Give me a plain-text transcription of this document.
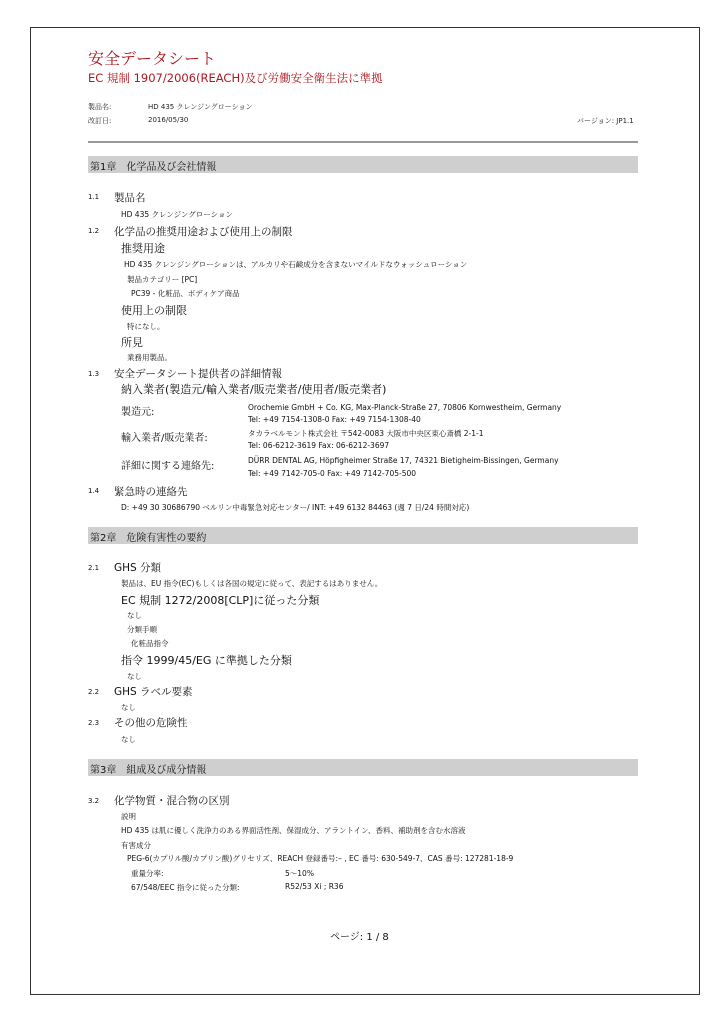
安全データシート
EC 規制 1907/2006(REACH)及び労働安全衛生法に準拠
製品名:	HD 435 クレンジングローション
改訂日:	2016/05/30	バージョン: JP1.1
第1章　化学品及び会社情報
1.1 製品名
HD 435 クレンジングローション
1.2 化学品の推奨用途および使用上の制限
推奨用途
HD 435 クレンジングローションは、アルカリや石鹸成分を含まないマイルドなウォッシュローション
製品カテゴリー [PC]
PC39 - 化粧品、ボディケア商品
使用上の制限
特になし。
所見
業務用製品。
1.3 安全データシート提供者の詳細情報
納入業者(製造元/輸入業者/販売業者/使用者/販売業者)
製造元:	Orochemie GmbH + Co. KG, Max-Planck-Straße 27, 70806 Kornwestheim, Germany
Tel: +49 7154-1308-0 Fax: +49 7154-1308-40
輸入業者/販売業者:	タカラベルモント株式会社 〒542-0083 大阪市中央区東心斎橋 2-1-1
Tel: 06-6212-3619 Fax: 06-6212-3697
詳細に関する連絡先:
DÜRR DENTAL AG, Höpfigheimer Straße 17, 74321 Bietigheim-Bissingen, Germany
Tel: +49 7142-705-0 Fax: +49 7142-705-500
1.4 緊急時の連絡先
D: +49 30 30686790 ベルリン中毒緊急対応センター/ INT: +49 6132 84463 (週 7 日/24 時間対応)
第2章　危険有害性の要約
2.1 GHS 分類
製品は、EU 指令(EC)もしくは各国の規定に従って、表記するはありません。
EC 規制 1272/2008[CLP]に従った分類
なし
分類手順
化粧品指令
指令 1999/45/EG に準拠した分類
なし
2.2 GHS ラベル要素
なし
2.3 その他の危険性
なし
第3章　組成及び成分情報
3.2 化学物質・混合物の区別
説明
HD 435 は肌に優しく洗浄力のある界面活性剤、保湿成分、アラントイン、香料、補助剤を含む水溶液
有害成分
PEG-6(カプリル酸/カプリン酸)グリセリズ、REACH 登録番号:– , EC 番号: 630-549-7、CAS 番号: 127281-18-9
重量分率:	5〜10%
67/548/EEC 指令に従った分類:	R52/53 Xi ; R36
ページ: 1 / 8
